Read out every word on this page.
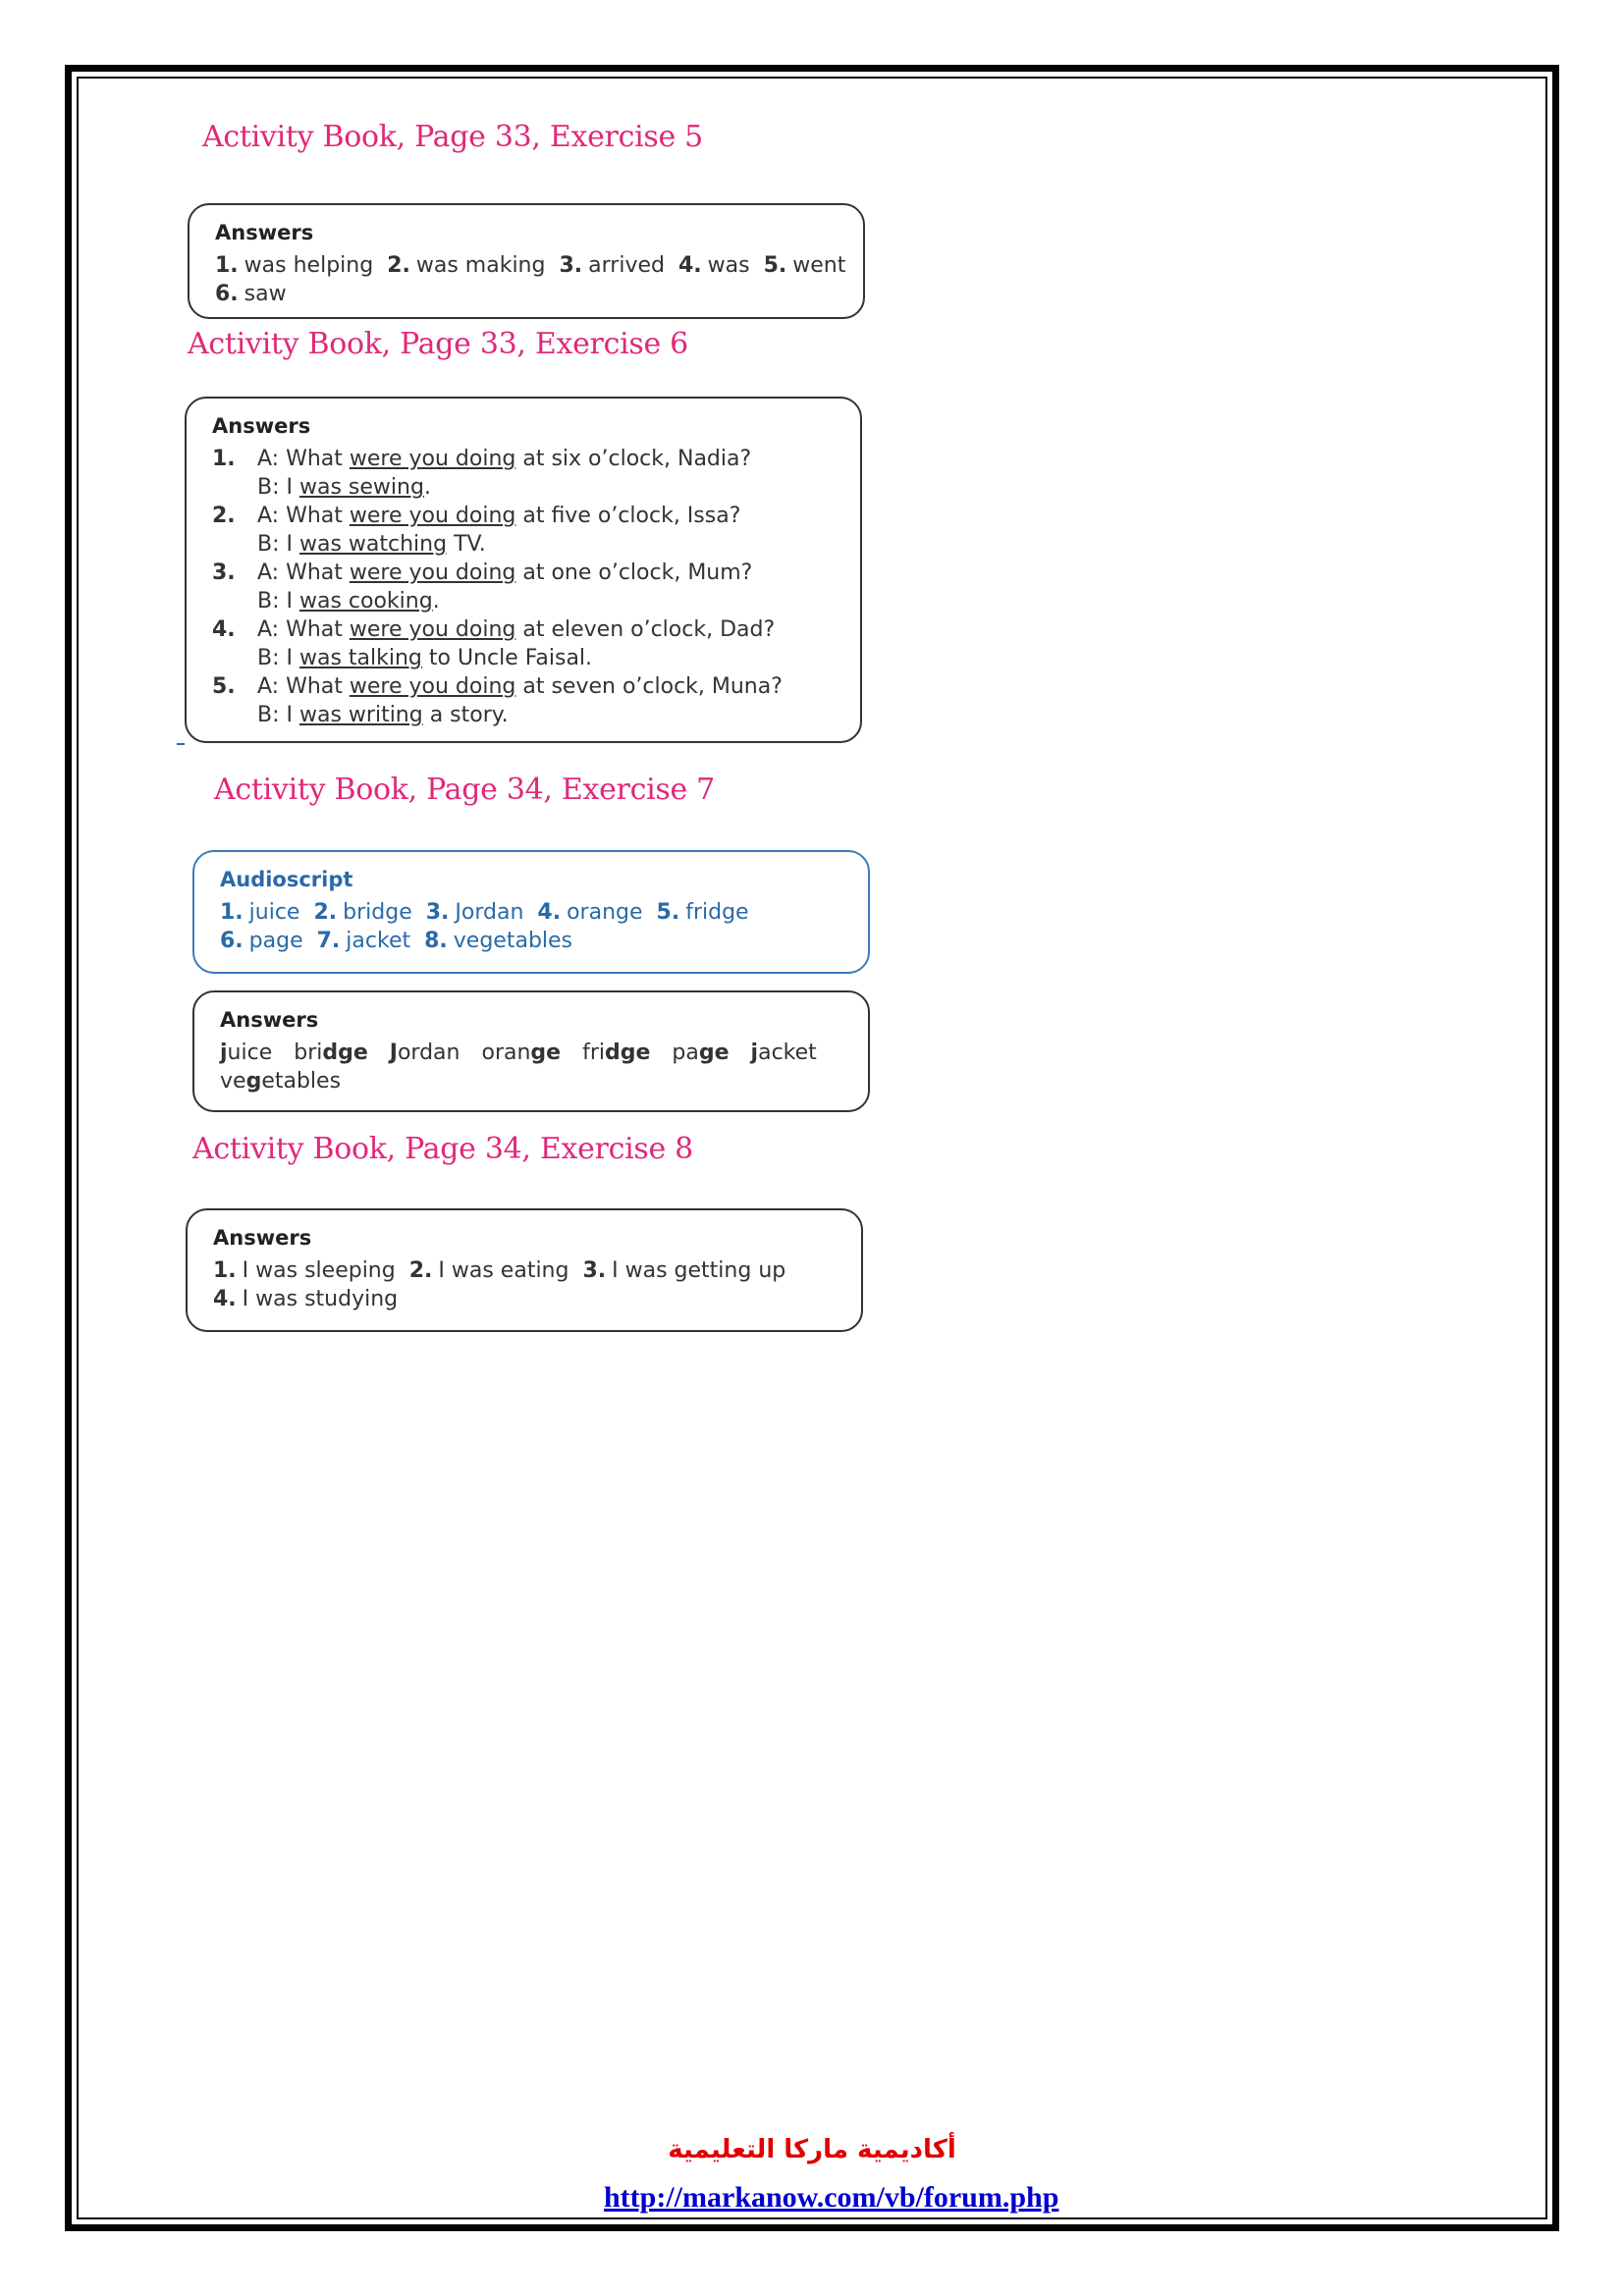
Activity Book, Page 33, Exercise 5
Answers
1. was helping 2. was making 3. arrived 4. was 5. went
6. saw
Activity Book, Page 33, Exercise 6
Answers
1.	A: What were you doing at six o’clock, Nadia?
B: I was sewing.
2.	A: What were you doing at five o’clock, Issa?
B: I was watching TV.
3.	A: What were you doing at one o’clock, Mum?
B: I was cooking.
4.	A: What were you doing at eleven o’clock, Dad?
B: I was talking to Uncle Faisal.
5.	A: What were you doing at seven o’clock, Muna?
B: I was writing a story.
Activity Book, Page 34, Exercise 7
Audioscript
1. juice 2. bridge 3. Jordan 4. orange 5. fridge
6. page 7. jacket 8. vegetables
Answers
juice bridge Jordan orange fridge page jacket
vegetables
Activity Book, Page 34, Exercise 8
Answers
1. I was sleeping 2. I was eating 3. I was getting up
4. I was studying
أكاديمية ماركا التعليمية
http://markanow.com/vb/forum.php
